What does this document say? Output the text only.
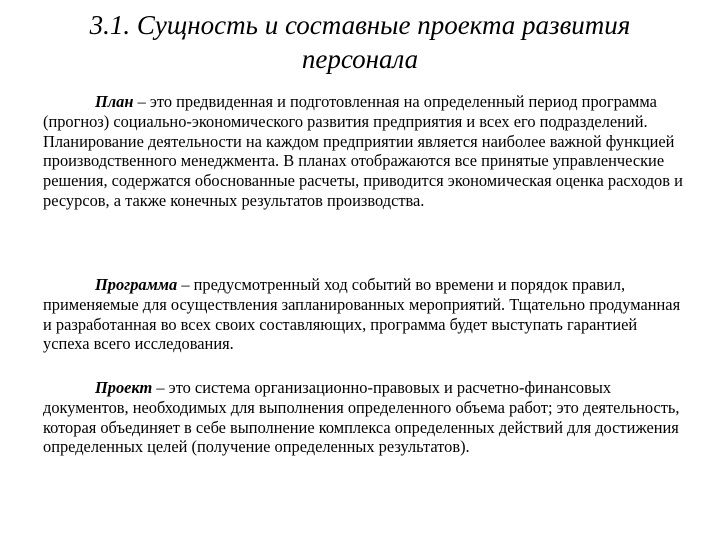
3.1. Сущность и составные проекта развития персонала

План – это предвиденная и подготовленная на определенный период программа (прогноз) социально-экономического развития предприятия и всех его подразделений. Планирование деятельности на каждом предприятии является наиболее важной функцией производственного менеджмента. В планах отображаются все принятые управленческие решения, содержатся обоснованные расчеты, приводится экономическая оценка расходов и ресурсов, а также конечных результатов производства.

Программа – предусмотренный ход событий во времени и порядок правил, применяемые для осуществления запланированных мероприятий. Тщательно продуманная и разработанная во всех своих составляющих, программа будет выступать гарантией успеха всего исследования.

Проект – это система организационно-правовых и расчетно-финансовых документов, необходимых для выполнения определенного объема работ; это деятельность, которая объединяет в себе выполнение комплекса определенных действий для достижения определенных целей (получение определенных результатов).
